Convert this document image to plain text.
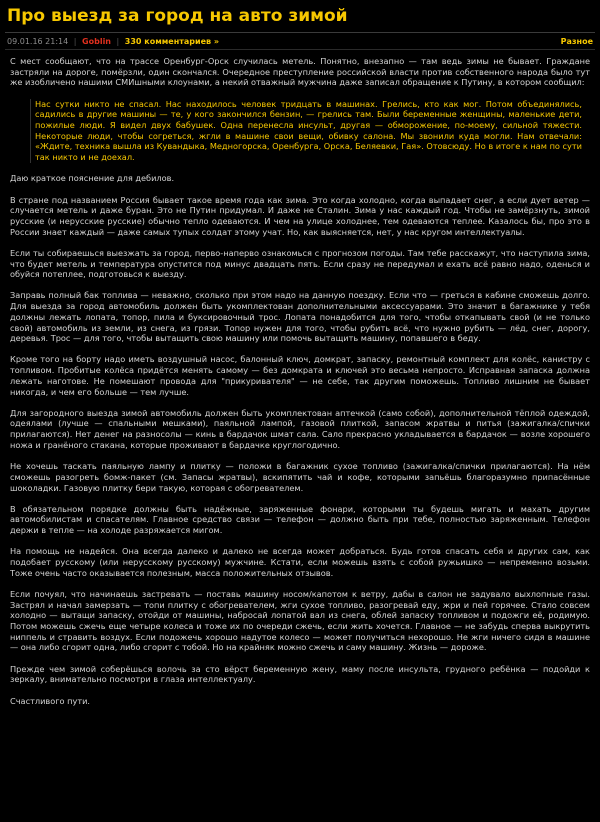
Про выезд за город на авто зимой
09.01.16 21:14 | Goblin | 330 комментариев »	Разное

С мест сообщают, что на трассе Оренбург-Орск случилась метель. Понятно, внезапно — там ведь зимы не бывает. Граждане застряли на дороге, помёрзли, один скончался. Очередное преступление российской власти против собственного народа было тут же изобличено нашими СМИшными клоунами, а некий отважный мужчина даже записал обращение к Путину, в котором сообщил:

Нас сутки никто не спасал. Нас находилось человек тридцать в машинах. Грелись, кто как мог. Потом объединялись, садились в другие машины — те, у кого закончился бензин, — грелись там. Были беременные женщины, маленькие дети, пожилые люди. Я видел двух бабушек. Одна перенесла инсульт, другая — обморожение, по-моему, сильной тяжести. Некоторые люди, чтобы согреться, жгли в машине свои вещи, обивку салона. Мы звонили куда могли. Нам отвечали: «Ждите, техника вышла из Кувандыка, Медногорска, Оренбурга, Орска, Беляевки, Гая». Отовсюду. Но в итоге к нам по сути так никто и не доехал.

Даю краткое пояснение для дебилов.

В стране под названием Россия бывает такое время года как зима. Это когда холодно, когда выпадает снег, а если дует ветер — случается метель и даже буран. Это не Путин придумал. И даже не Сталин. Зима у нас каждый год. Чтобы не замёрзнуть, зимой русские (и нерусские русские) обычно тепло одеваются. И чем на улице холоднее, тем одеваются теплее. Казалось бы, про это в России знает каждый — даже самых тупых солдат этому учат. Но, как выясняется, нет, у нас кругом интеллектуалы.

Если ты собираешься выезжать за город, перво-наперво ознакомься с прогнозом погоды. Там тебе расскажут, что наступила зима, что будет метель и температура опустится под минус двадцать пять. Если сразу не передумал и ехать всё равно надо, оденься и обуйся потеплее, подготовься к выезду.

Заправь полный бак топлива — неважно, сколько при этом надо на данную поездку. Если что — греться в кабине сможешь долго. Для выезда за город автомобиль должен быть укомплектован дополнительными аксессуарами. Это значит в багажнике у тебя должны лежать лопата, топор, пила и буксировочный трос. Лопата понадобится для того, чтобы откапывать свой (и не только свой) автомобиль из земли, из снега, из грязи. Топор нужен для того, чтобы рубить всё, что нужно рубить — лёд, снег, дорогу, деревья. Трос — для того, чтобы вытащить свою машину или помочь вытащить машину, попавшего в беду.

Кроме того на борту надо иметь воздушный насос, балонный ключ, домкрат, запаску, ремонтный комплект для колёс, канистру с топливом. Пробитые колёса придётся менять самому — без домкрата и ключей это весьма непросто. Исправная запаска должна лежать наготове. Не помешают провода для "прикуривателя" — не себе, так другим поможешь. Топливо лишним не бывает никогда, и чем его больше — тем лучше.

Для загородного выезда зимой автомобиль должен быть укомплектован аптечкой (само собой), дополнительной тёплой одеждой, одеялами (лучше — спальными мешками), паяльной лампой, газовой плиткой, запасом жратвы и питья (зажигалка/спички прилагаются). Нет денег на разносолы — кинь в бардачок шмат сала. Сало прекрасно укладывается в бардачок — возле хорошего ножа и гранёного стакана, которые проживают в бардачке круглогодично.

Не хочешь таскать паяльную лампу и плитку — положи в багажник сухое топливо (зажигалка/спички прилагаются). На нём сможешь разогреть бомж-пакет (см. Запасы жратвы), вскипятить чай и кофе, которыми запьёшь благоразумно припасённые шоколадки. Газовую плитку бери такую, которая с обогревателем.

В обязательном порядке должны быть надёжные, заряженные фонари, которыми ты будешь мигать и махать другим автомобилистам и спасателям. Главное средство связи — телефон — должно быть при тебе, полностью заряженным. Телефон держи в тепле — на холоде разряжается мигом.

На помощь не надейся. Она всегда далеко и далеко не всегда может добраться. Будь готов спасать себя и других сам, как подобает русскому (или нерусскому русскому) мужчине. Кстати, если можешь взять с собой ружьишко — непременно возьми. Тоже очень часто оказывается полезным, масса положительных отзывов.

Если почуял, что начинаешь застревать — поставь машину носом/капотом к ветру, дабы в салон не задувало выхлопные газы. Застрял и начал замерзать — топи плитку с обогревателем, жги сухое топливо, разогревай еду, жри и пей горячее. Стало совсем холодно — вытащи запаску, отойди от машины, набросай лопатой вал из снега, облей запаску топливом и подожги её, родимую. Потом можешь сжечь еще четыре колеса и тоже их по очереди сжечь, если жить хочется. Главное — не забудь сперва выкрутить ниппель и стравить воздух. Если подожечь хорошо надутое колесо — может получиться нехорошо. Не жги ничего сидя в машине — она либо сгорит одна, либо сгорит с тобой. Но на крайняк можно сжечь и саму машину. Жизнь — дороже.

Прежде чем зимой соберёшься волочь за сто вёрст беременную жену, маму после инсульта, грудного ребёнка — подойди к зеркалу, внимательно посмотри в глаза интеллектуалу.

Счастливого пути.
